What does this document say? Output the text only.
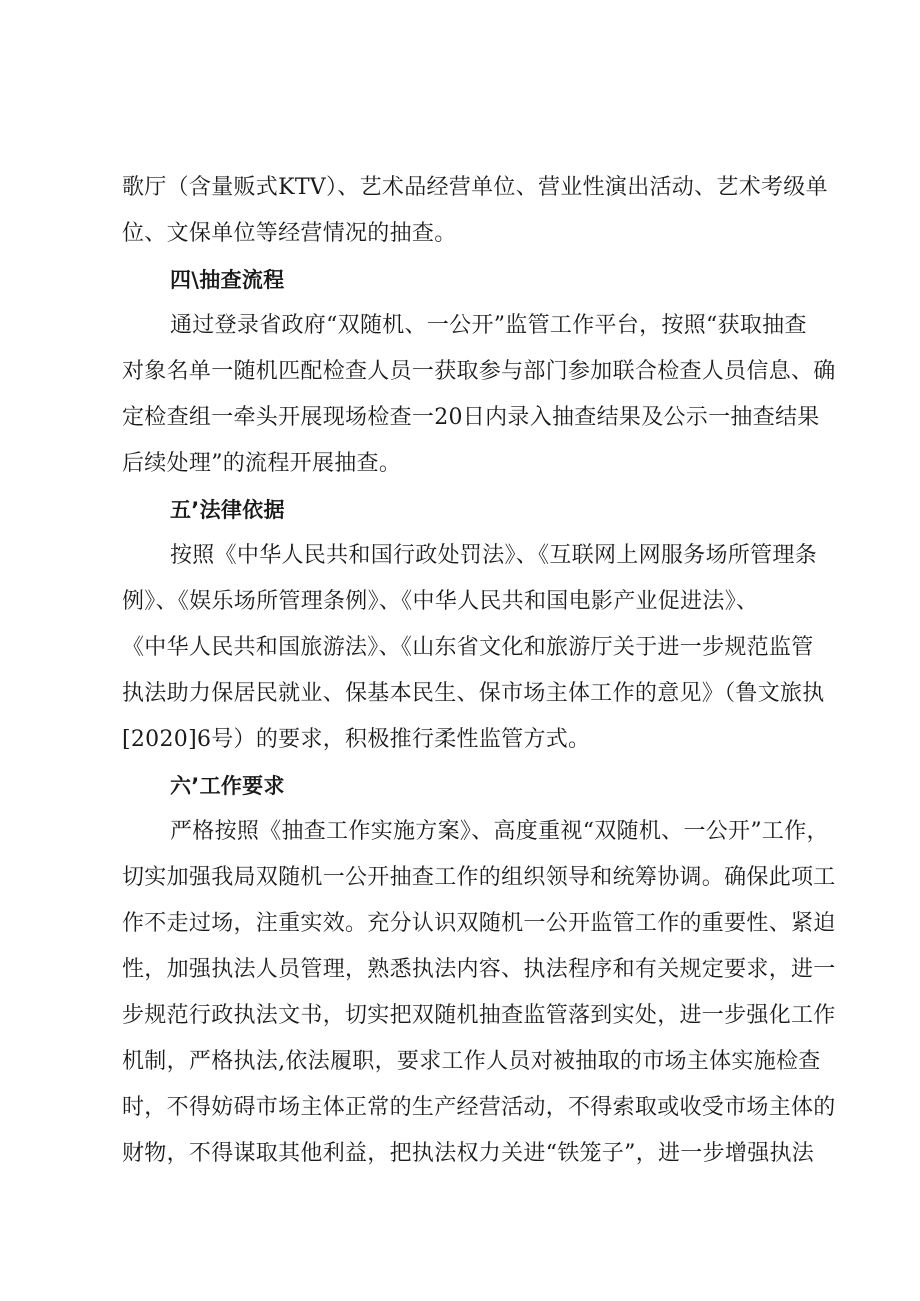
歌厅（含量贩式KTV）、艺术品经营单位、营业性演出活动、艺术考级单
位、文保单位等经营情况的抽查。
四\抽查流程
通过登录省政府“双随机、一公开”监管工作平台，按照“获取抽查
对象名单一随机匹配检查人员一获取参与部门参加联合检查人员信息、确
定检查组一牵头开展现场检查一20日内录入抽查结果及公示一抽查结果
后续处理”的流程开展抽查。
五’法律依据
按照《中华人民共和国行政处罚法》、《互联网上网服务场所管理条
例》、《娱乐场所管理条例》、《中华人民共和国电影产业促进法》、
《中华人民共和国旅游法》、《山东省文化和旅游厅关于进一步规范监管
执法助力保居民就业、保基本民生、保市场主体工作的意见》（鲁文旅执
[2020]6号）的要求，积极推行柔性监管方式。
六’工作要求
严格按照《抽查工作实施方案》、高度重视“双随机、一公开”工作，
切实加强我局双随机一公开抽查工作的组织领导和统筹协调。确保此项工
作不走过场，注重实效。充分认识双随机一公开监管工作的重要性、紧迫
性，加强执法人员管理，熟悉执法内容、执法程序和有关规定要求，进一
步规范行政执法文书，切实把双随机抽查监管落到实处，进一步强化工作
机制，严格执法,依法履职，要求工作人员对被抽取的市场主体实施检查
时，不得妨碍市场主体正常的生产经营活动，不得索取或收受市场主体的
财物，不得谋取其他利益，把执法权力关进“铁笼子”，进一步增强执法
